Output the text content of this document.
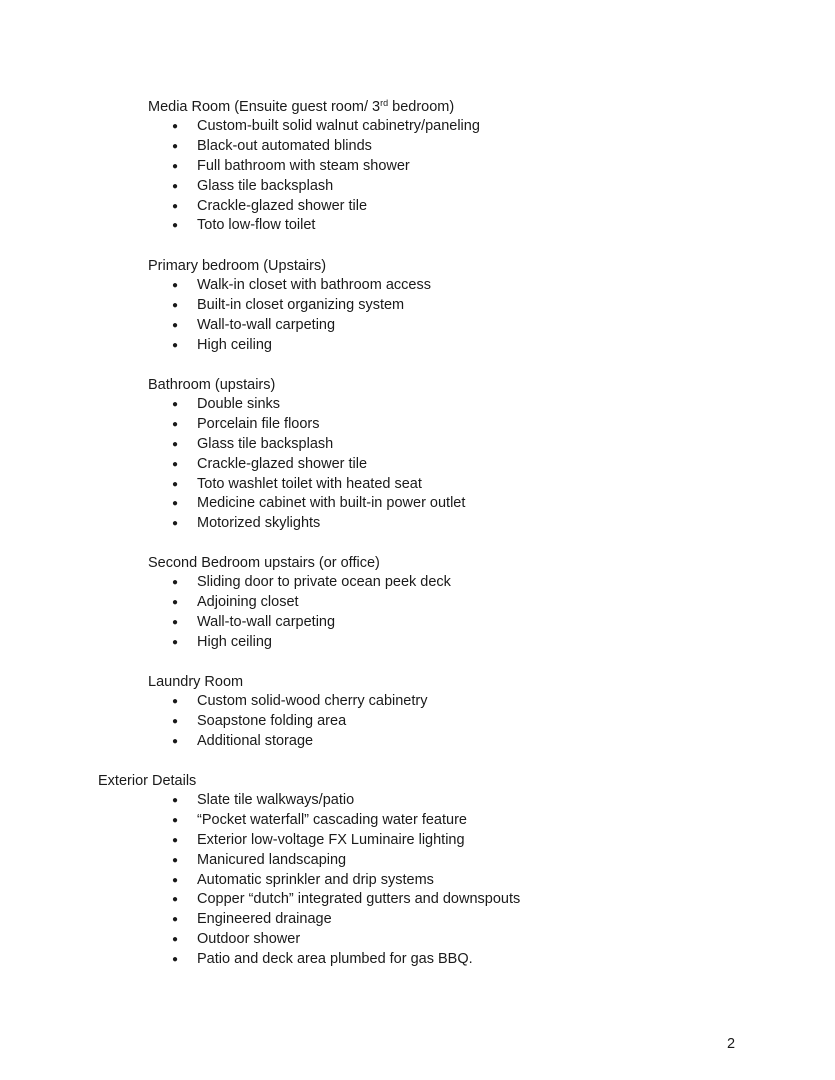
Media Room (Ensuite guest room/ 3rd bedroom)
● Custom-built solid walnut cabinetry/paneling
● Black-out automated blinds
● Full bathroom with steam shower
● Glass tile backsplash
● Crackle-glazed shower tile
● Toto low-flow toilet
Primary bedroom (Upstairs)
● Walk-in closet with bathroom access
● Built-in closet organizing system
● Wall-to-wall carpeting
● High ceiling
Bathroom (upstairs)
● Double sinks
● Porcelain file floors
● Glass tile backsplash
● Crackle-glazed shower tile
● Toto washlet toilet with heated seat
● Medicine cabinet with built-in power outlet
● Motorized skylights
Second Bedroom upstairs (or office)
● Sliding door to private ocean peek deck
● Adjoining closet
● Wall-to-wall carpeting
● High ceiling
Laundry Room
● Custom solid-wood cherry cabinetry
● Soapstone folding area
● Additional storage
Exterior Details
● Slate tile walkways/patio
● “Pocket waterfall” cascading water feature
● Exterior low-voltage FX Luminaire lighting
● Manicured landscaping
● Automatic sprinkler and drip systems
● Copper “dutch” integrated gutters and downspouts
● Engineered drainage
● Outdoor shower
● Patio and deck area plumbed for gas BBQ.
2
